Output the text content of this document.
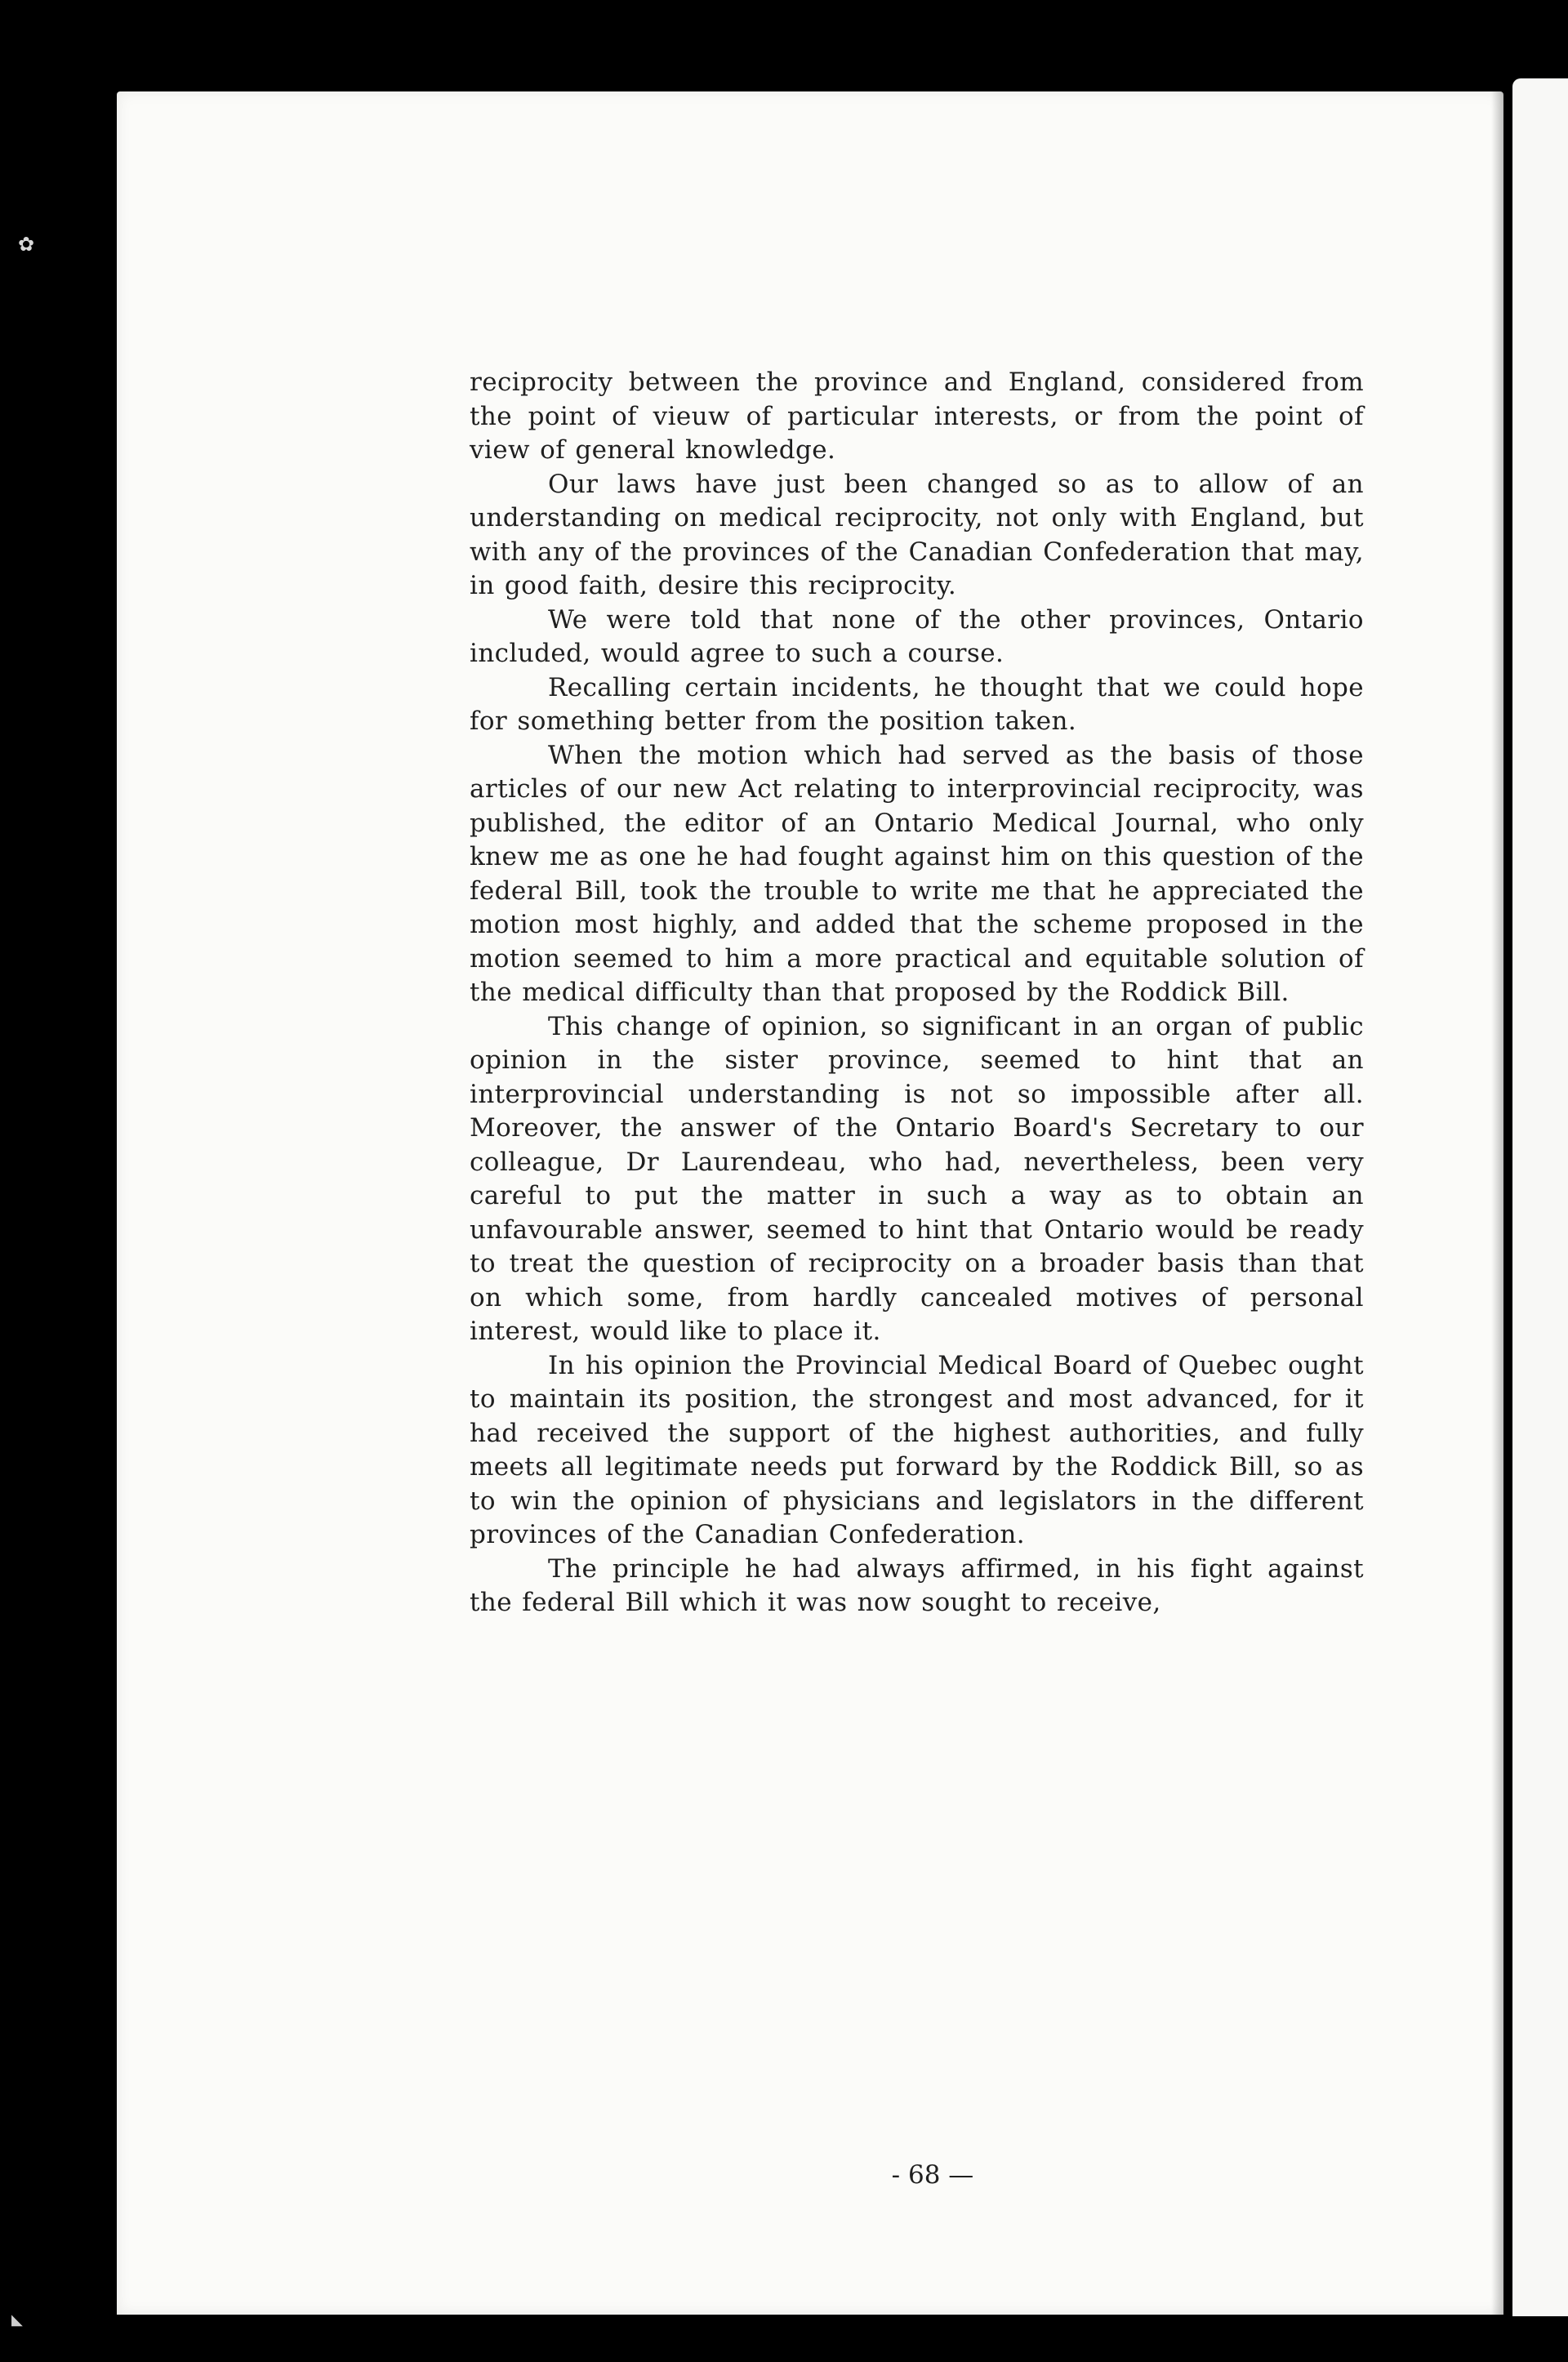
✿
◣

reciprocity between the province and England, considered from the point of vieuw of particular interests, or from the point of view of general knowledge.

Our laws have just been changed so as to allow of an understanding on medical reciprocity, not only with England, but with any of the provinces of the Canadian Confederation that may, in good faith, desire this reciprocity.

We were told that none of the other provinces, Ontario included, would agree to such a course.

Recalling certain incidents, he thought that we could hope for something better from the position taken.

When the motion which had served as the basis of those articles of our new Act relating to interprovincial reciprocity, was published, the editor of an Ontario Medical Journal, who only knew me as one he had fought against him on this question of the federal Bill, took the trouble to write me that he appreciated the motion most highly, and added that the scheme proposed in the motion seemed to him a more practical and equitable solution of the medical difficulty than that proposed by the Roddick Bill.

This change of opinion, so significant in an organ of public opinion in the sister province, seemed to hint that an interprovincial understanding is not so impossible after all. Moreover, the answer of the Ontario Board's Secretary to our colleague, Dr Laurendeau, who had, nevertheless, been very careful to put the matter in such a way as to obtain an unfavourable answer, seemed to hint that Ontario would be ready to treat the question of reciprocity on a broader basis than that on which some, from hardly cancealed motives of personal interest, would like to place it.

In his opinion the Provincial Medical Board of Quebec ought to maintain its position, the strongest and most advanced, for it had received the support of the highest authorities, and fully meets all legitimate needs put forward by the Roddick Bill, so as to win the opinion of physicians and legislators in the different provinces of the Canadian Confederation.

The principle he had always affirmed, in his fight against the federal Bill which it was now sought to receive,

- 68 —
